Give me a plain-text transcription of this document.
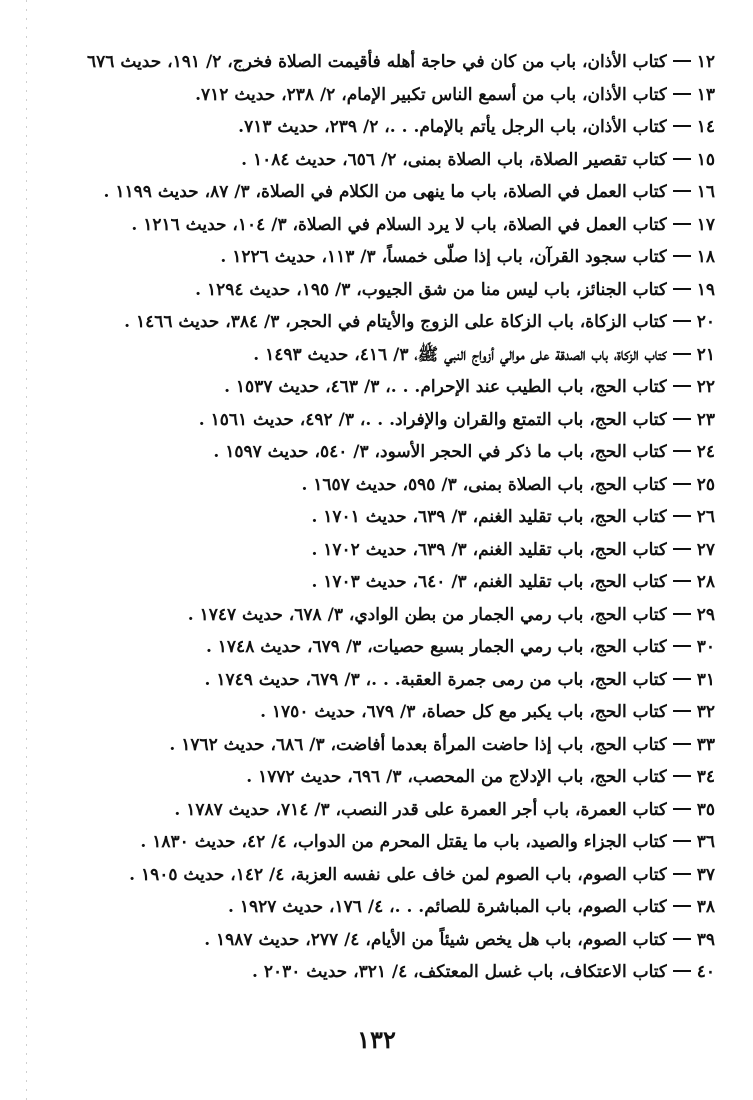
١٢
كتاب الأذان، باب من كان في حاجة أهله فأقيمت الصلاة فخرج، ٢/ ١٩١، حديث ٦٧٦
١٣
كتاب الأذان، باب من أسمع الناس تكبير الإمام، ٢/ ٢٣٨، حديث ٧١٢.
١٤
كتاب الأذان، باب الرجل يأتم بالإمام. . .، ٢/ ٢٣٩، حديث ٧١٣.
١٥
كتاب تقصير الصلاة، باب الصلاة بمنى، ٢/ ٦٥٦، حديث ١٠٨٤ .
١٦
كتاب العمل في الصلاة، باب ما ينهى من الكلام في الصلاة، ٣/ ٨٧، حديث ١١٩٩ .
١٧
كتاب العمل في الصلاة، باب لا يرد السلام في الصلاة، ٣/ ١٠٤، حديث ١٢١٦ .
١٨
كتاب سجود القرآن، باب إذا صلّى خمساً، ٣/ ١١٣، حديث ١٢٢٦ .
١٩
كتاب الجنائز، باب ليس منا من شق الجيوب، ٣/ ١٩٥، حديث ١٢٩٤ .
٢٠
كتاب الزكاة، باب الزكاة على الزوج والأيتام في الحجر، ٣/ ٣٨٤، حديث ١٤٦٦ .
٢١
كتاب الزكاة، باب الصدقة على موالي أزواج النبي ﷺ، ٣/ ٤١٦، حديث ١٤٩٣ .
٢٢
كتاب الحج، باب الطيب عند الإحرام. . .، ٣/ ٤٦٣، حديث ١٥٣٧ .
٢٣
كتاب الحج، باب التمتع والقران والإفراد. . .، ٣/ ٤٩٢، حديث ١٥٦١ .
٢٤
كتاب الحج، باب ما ذكر في الحجر الأسود، ٣/ ٥٤٠، حديث ١٥٩٧ .
٢٥
كتاب الحج، باب الصلاة بمنى، ٣/ ٥٩٥، حديث ١٦٥٧ .
٢٦
كتاب الحج، باب تقليد الغنم، ٣/ ٦٣٩، حديث ١٧٠١ .
٢٧
كتاب الحج، باب تقليد الغنم، ٣/ ٦٣٩، حديث ١٧٠٢ .
٢٨
كتاب الحج، باب تقليد الغنم، ٣/ ٦٤٠، حديث ١٧٠٣ .
٢٩
كتاب الحج، باب رمي الجمار من بطن الوادي، ٣/ ٦٧٨، حديث ١٧٤٧ .
٣٠
كتاب الحج، باب رمي الجمار بسبع حصيات، ٣/ ٦٧٩، حديث ١٧٤٨ .
٣١
كتاب الحج، باب من رمى جمرة العقبة. . .، ٣/ ٦٧٩، حديث ١٧٤٩ .
٣٢
كتاب الحج، باب يكبر مع كل حصاة، ٣/ ٦٧٩، حديث ١٧٥٠ .
٣٣
كتاب الحج، باب إذا حاضت المرأة بعدما أفاضت، ٣/ ٦٨٦، حديث ١٧٦٢ .
٣٤
كتاب الحج، باب الإدلاج من المحصب، ٣/ ٦٩٦، حديث ١٧٧٢ .
٣٥
كتاب العمرة، باب أجر العمرة على قدر النصب، ٣/ ٧١٤، حديث ١٧٨٧ .
٣٦
كتاب الجزاء والصيد، باب ما يقتل المحرم من الدواب، ٤/ ٤٢، حديث ١٨٣٠ .
٣٧
كتاب الصوم، باب الصوم لمن خاف على نفسه العزبة، ٤/ ١٤٢، حديث ١٩٠٥ .
٣٨
كتاب الصوم، باب المباشرة للصائم. . .، ٤/ ١٧٦، حديث ١٩٢٧ .
٣٩
كتاب الصوم، باب هل يخص شيئاً من الأيام، ٤/ ٢٧٧، حديث ١٩٨٧ .
٤٠
كتاب الاعتكاف، باب غسل المعتكف، ٤/ ٣٢١، حديث ٢٠٣٠ .
١٣٢
